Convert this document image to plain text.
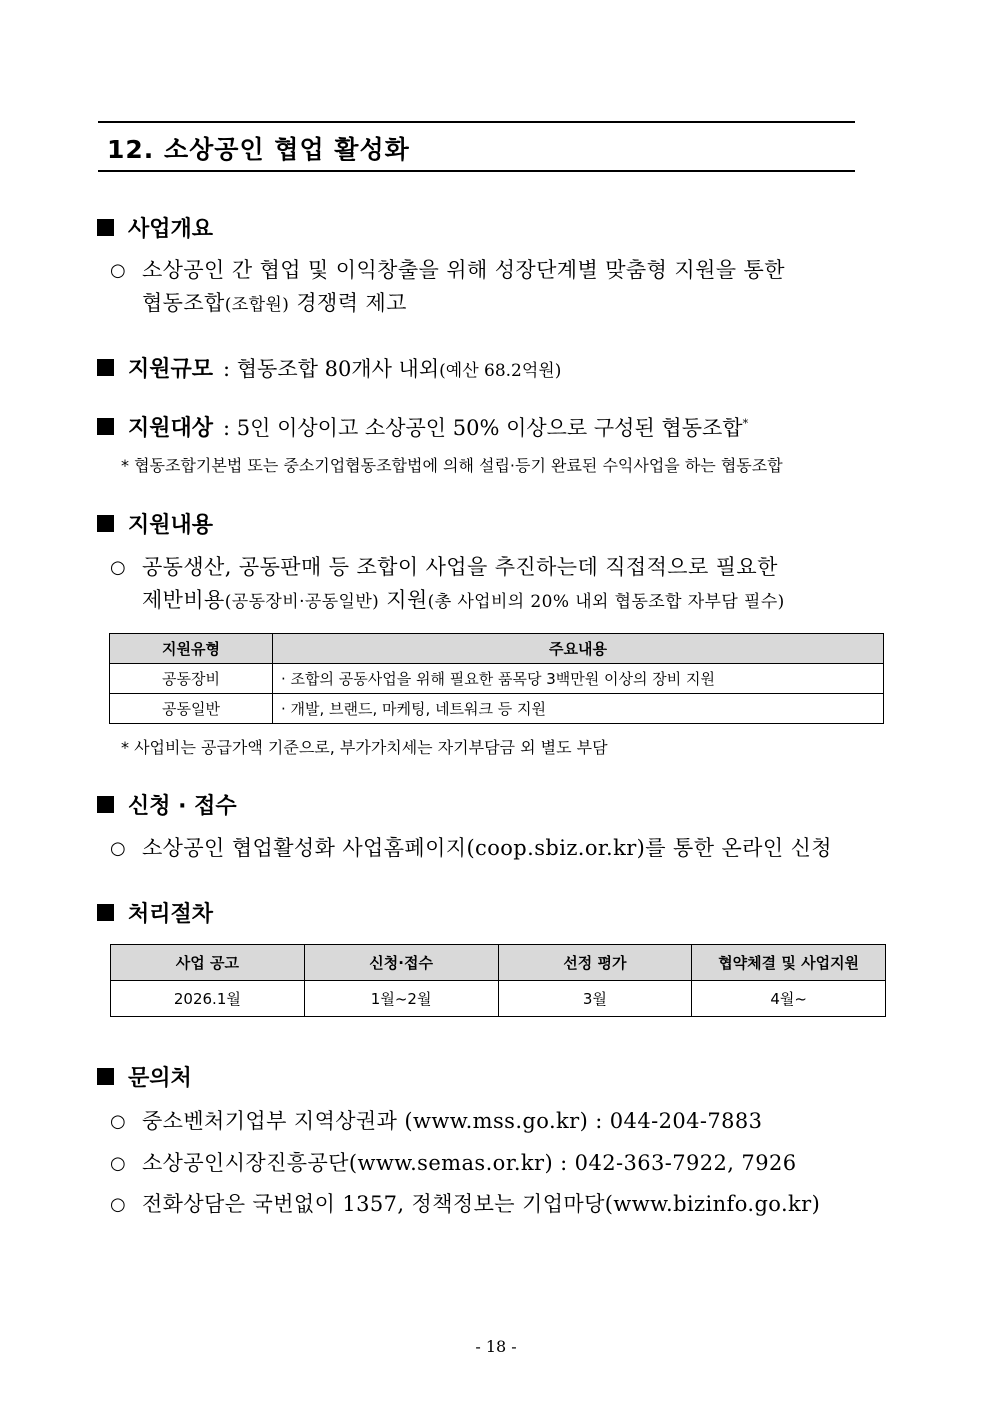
12. 소상공인 협업 활성화
사업개요
○ 소상공인 간 협업 및 이익창출을 위해 성장단계별 맞춤형 지원을 통한
협동조합(조합원) 경쟁력 제고
지원규모 : 협동조합 80개사 내외(예산 68.2억원)
지원대상 : 5인 이상이고 소상공인 50% 이상으로 구성된 협동조합*
* 협동조합기본법 또는 중소기업협동조합법에 의해 설립·등기 완료된 수익사업을 하는 협동조합
지원내용
○ 공동생산, 공동판매 등 조합이 사업을 추진하는데 직접적으로 필요한
제반비용(공동장비·공동일반) 지원(총 사업비의 20% 내외 협동조합 자부담 필수)
지원유형	주요내용
공동장비	· 조합의 공동사업을 위해 필요한 품목당 3백만원 이상의 장비 지원
공동일반	· 개발, 브랜드, 마케팅, 네트워크 등 지원
* 사업비는 공급가액 기준으로, 부가가치세는 자기부담금 외 별도 부담
신청 · 접수
○ 소상공인 협업활성화 사업홈페이지(coop.sbiz.or.kr)를 통한 온라인 신청
처리절차
사업 공고	신청·접수	선정 평가	협약체결 및 사업지원
2026.1월	1월~2월	3월	4월~
문의처
○ 중소벤처기업부 지역상권과 (www.mss.go.kr) : 044-204-7883
○ 소상공인시장진흥공단(www.semas.or.kr) : 042-363-7922, 7926
○ 전화상담은 국번없이 1357, 정책정보는 기업마당(www.bizinfo.go.kr)
- 18 -
